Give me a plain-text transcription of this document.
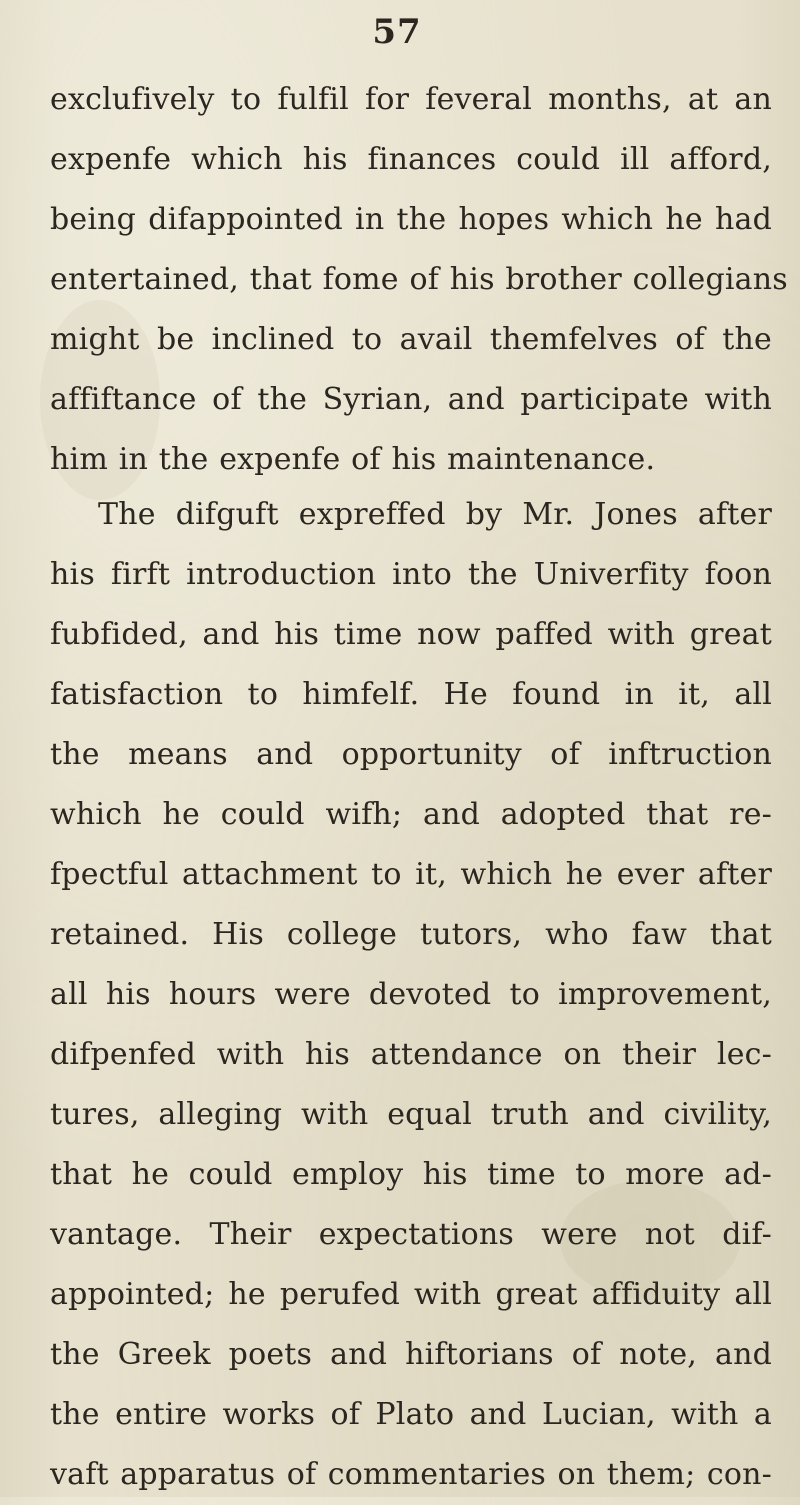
57
exclufively to fulfil for feveral months, at an
expenfe which his finances could ill afford,
being difappointed in the hopes which he had
entertained, that fome of his brother collegians
might be inclined to avail themfelves of the
affiftance of the Syrian, and participate with
him in the expenfe of his maintenance.
The difguft expreffed by Mr. Jones after
his firft introduction into the Univerfity foon
fubfided, and his time now paffed with great
fatisfaction to himfelf. He found in it, all
the means and opportunity of inftruction
which he could wifh; and adopted that re-
fpectful attachment to it, which he ever after
retained. His college tutors, who faw that
all his hours were devoted to improvement,
difpenfed with his attendance on their lec-
tures, alleging with equal truth and civility,
that he could employ his time to more ad-
vantage. Their expectations were not dif-
appointed; he perufed with great affiduity all
the Greek poets and hiftorians of note, and
the entire works of Plato and Lucian, with a
vaft apparatus of commentaries on them; con-
